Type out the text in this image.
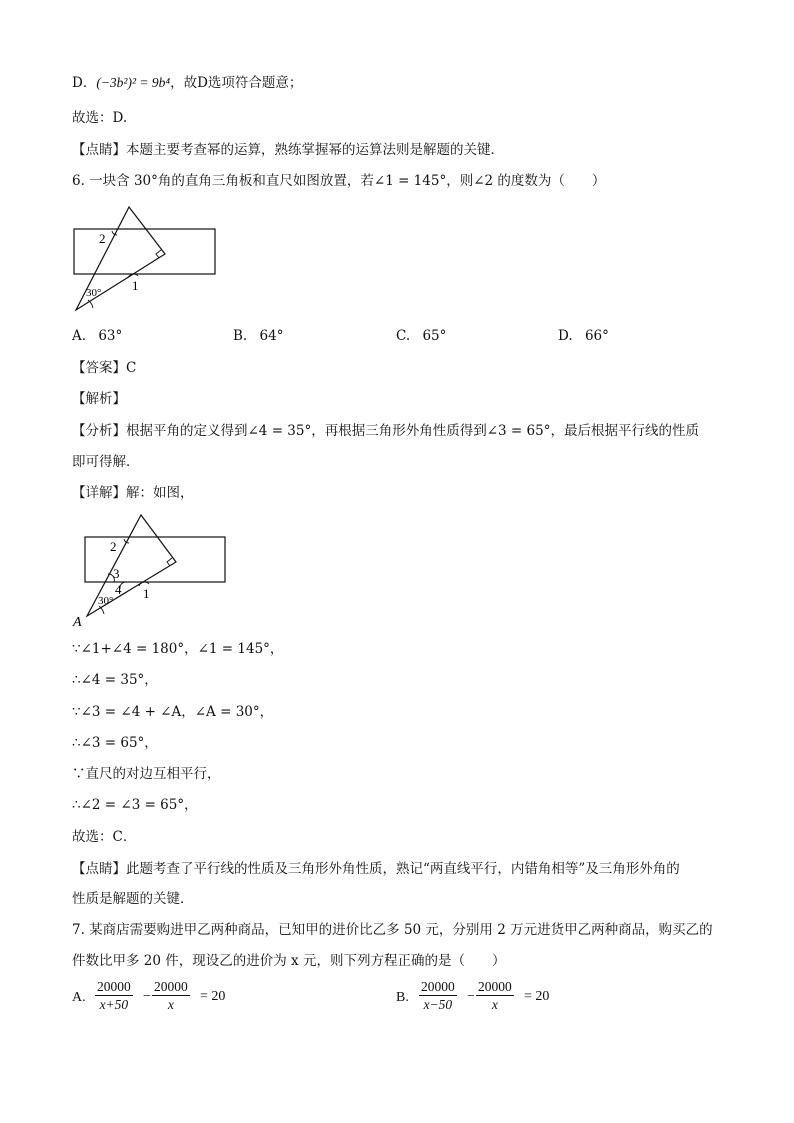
D．(−3b²)² = 9b⁴，故D选项符合题意；
故选：D.
【点睛】本题主要考查幂的运算，熟练掌握幂的运算法则是解题的关键．
6. 一块含 30°角的直角三角板和直尺如图放置，若∠1 = 145°，则∠2 的度数为（　　）
2
1
30°
A. 63°	B. 64°	C. 65°	D. 66°
【答案】C
【解析】
【分析】根据平角的定义得到∠4 = 35°，再根据三角形外角性质得到∠3 = 65°，最后根据平行线的性质
即可得解．
【详解】解：如图，
2
3
4 1
30°
A
∵∠1+∠4 = 180°，∠1 = 145°，
∴∠4 = 35°，
∵∠3 = ∠4 + ∠A，∠A = 30°，
∴∠3 = 65°，
∵直尺的对边互相平行，
∴∠2 = ∠3 = 65°，
故选：C．
【点睛】此题考查了平行线的性质及三角形外角性质，熟记“两直线平行，内错角相等”及三角形外角的
性质是解题的关键．
7. 某商店需要购进甲乙两种商品，已知甲的进价比乙多 50 元，分别用 2 万元进货甲乙两种商品，购买乙的
件数比甲多 20 件，现设乙的进价为 x 元，则下列方程正确的是（　　）
A. $\frac{20000}{x+50} - \frac{20000}{x} = 20$	B. $\frac{20000}{x-50} - \frac{20000}{x} = 20$
